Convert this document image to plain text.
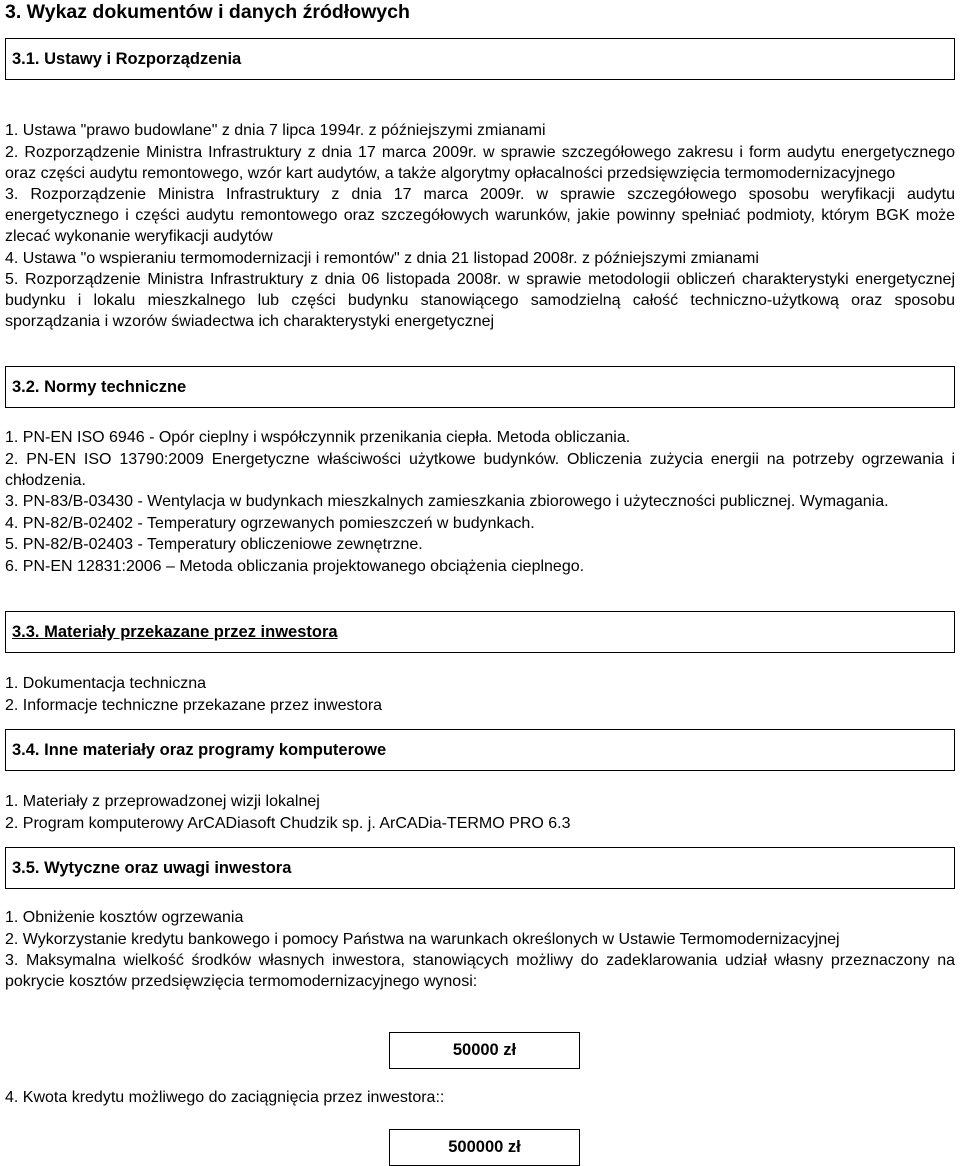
3. Wykaz dokumentów i danych źródłowych
3.1. Ustawy i Rozporządzenia
1. Ustawa "prawo budowlane" z dnia 7 lipca 1994r. z późniejszymi zmianami
2. Rozporządzenie Ministra Infrastruktury z dnia 17 marca 2009r. w sprawie szczegółowego zakresu i form audytu energetycznego oraz części audytu remontowego, wzór kart audytów, a także algorytmy opłacalności przedsięwzięcia termomodernizacyjnego
3. Rozporządzenie Ministra Infrastruktury z dnia 17 marca 2009r. w sprawie szczegółowego sposobu weryfikacji audytu energetycznego i części audytu remontowego oraz szczegółowych warunków, jakie powinny spełniać podmioty, którym BGK może zlecać wykonanie weryfikacji audytów
4. Ustawa "o wspieraniu termomodernizacji i remontów" z dnia 21 listopad 2008r. z późniejszymi zmianami
5. Rozporządzenie Ministra Infrastruktury z dnia 06 listopada 2008r. w sprawie metodologii obliczeń charakterystyki energetycznej budynku i lokalu mieszkalnego lub części budynku stanowiącego samodzielną całość techniczno-użytkową oraz sposobu sporządzania i wzorów świadectwa ich charakterystyki energetycznej
3.2. Normy techniczne
1. PN-EN ISO 6946 - Opór cieplny i współczynnik przenikania ciepła. Metoda obliczania.
2. PN-EN ISO 13790:2009 Energetyczne właściwości użytkowe budynków. Obliczenia zużycia energii na potrzeby ogrzewania i chłodzenia.
3. PN-83/B-03430 - Wentylacja w budynkach mieszkalnych zamieszkania zbiorowego i użyteczności publicznej. Wymagania.
4. PN-82/B-02402 - Temperatury ogrzewanych pomieszczeń w budynkach.
5. PN-82/B-02403 - Temperatury obliczeniowe zewnętrzne.
6. PN-EN 12831:2006 – Metoda obliczania projektowanego obciążenia cieplnego.
3.3. Materiały przekazane przez inwestora
1. Dokumentacja techniczna
2. Informacje techniczne przekazane przez inwestora
3.4. Inne materiały oraz programy komputerowe
1. Materiały z przeprowadzonej wizji lokalnej
2. Program komputerowy ArCADiasoft Chudzik sp. j. ArCADia-TERMO PRO 6.3
3.5. Wytyczne oraz uwagi inwestora
1. Obniżenie kosztów ogrzewania
2. Wykorzystanie kredytu bankowego i pomocy Państwa na warunkach określonych w Ustawie Termomodernizacyjnej
3. Maksymalna wielkość środków własnych inwestora, stanowiących możliwy do zadeklarowania udział własny przeznaczony na pokrycie kosztów przedsięwzięcia termomodernizacyjnego wynosi:
50000 zł
4. Kwota kredytu możliwego do zaciągnięcia przez inwestora::
500000 zł
